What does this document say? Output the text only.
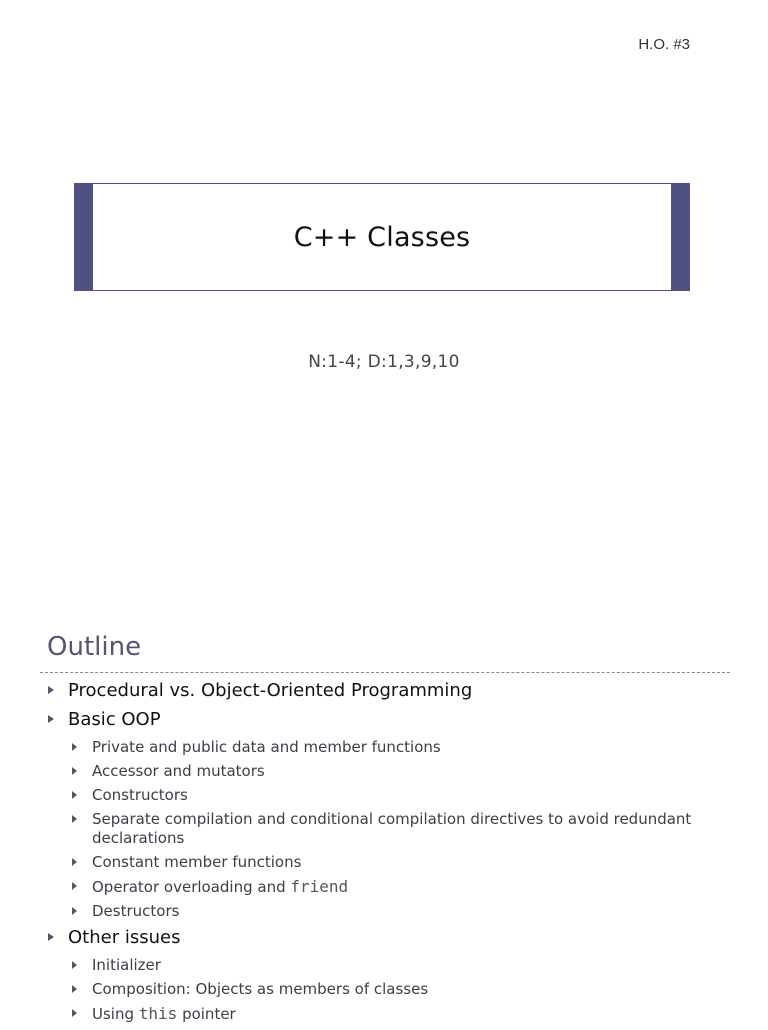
H.O. #3
C++ Classes
N:1-4; D:1,3,9,10
Outline
Procedural vs. Object-Oriented Programming
Basic OOP
Private and public data and member functions
Accessor and mutators
Constructors
Separate compilation and conditional compilation directives to avoid redundant declarations
Constant member functions
Operator overloading and friend
Destructors
Other issues
Initializer
Composition: Objects as members of classes
Using this pointer
